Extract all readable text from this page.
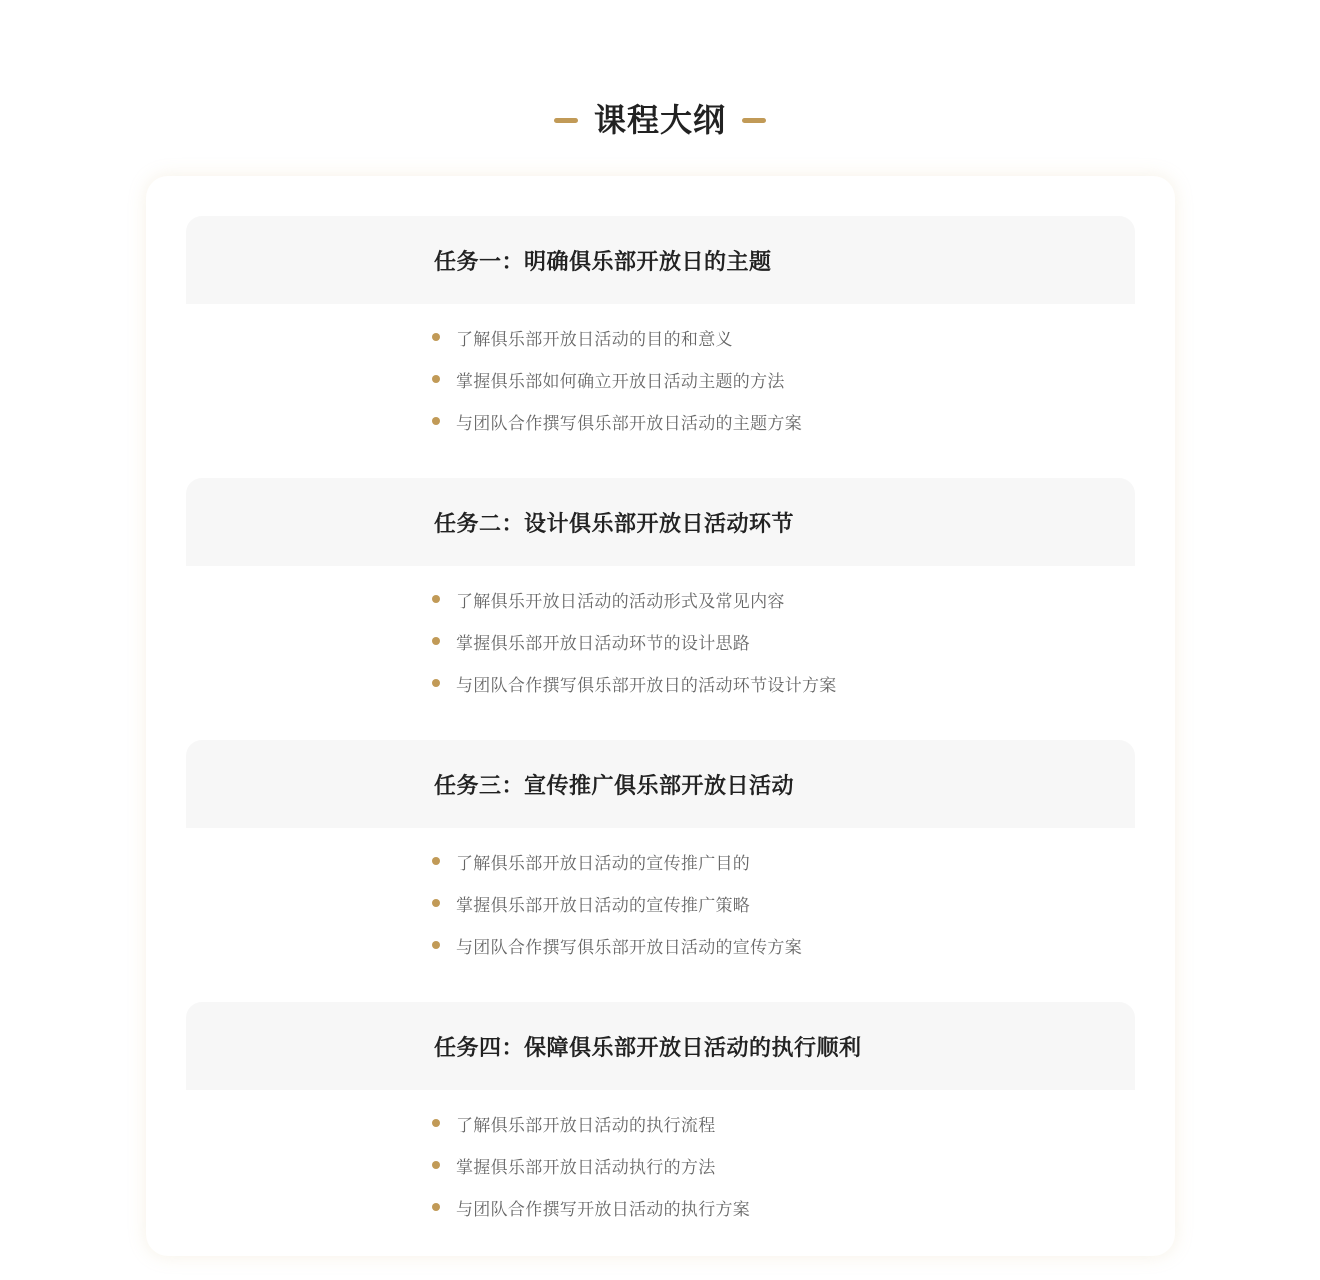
课程大纲
任务一：明确俱乐部开放日的主题
了解俱乐部开放日活动的目的和意义
掌握俱乐部如何确立开放日活动主题的方法
与团队合作撰写俱乐部开放日活动的主题方案
任务二：设计俱乐部开放日活动环节
了解俱乐开放日活动的活动形式及常见内容
掌握俱乐部开放日活动环节的设计思路
与团队合作撰写俱乐部开放日的活动环节设计方案
任务三：宣传推广俱乐部开放日活动
了解俱乐部开放日活动的宣传推广目的
掌握俱乐部开放日活动的宣传推广策略
与团队合作撰写俱乐部开放日活动的宣传方案
任务四：保障俱乐部开放日活动的执行顺利
了解俱乐部开放日活动的执行流程
掌握俱乐部开放日活动执行的方法
与团队合作撰写开放日活动的执行方案
